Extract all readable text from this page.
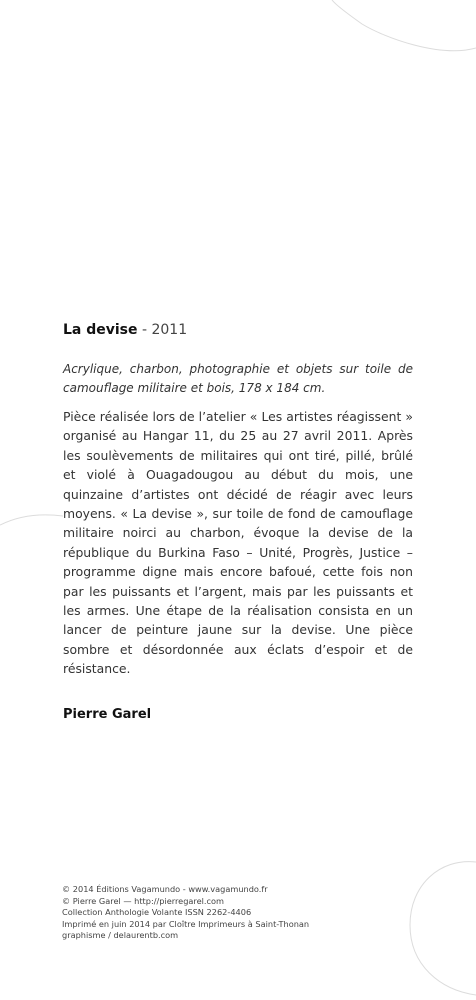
La devise - 2011

Acrylique, charbon, photographie et objets sur toile de camouflage militaire et bois, 178 x 184 cm.

Pièce réalisée lors de l’atelier « Les artistes réagissent » organisé au Hangar 11, du 25 au 27 avril 2011. Après les soulèvements de militaires qui ont tiré, pillé, brûlé et violé à Ouagadougou au début du mois, une quinzaine d’artistes ont décidé de réagir avec leurs moyens. « La devise », sur toile de fond de camouflage militaire noirci au charbon, évoque la devise de la république du Burkina Faso – Unité, Progrès, Justice – programme digne mais encore bafoué, cette fois non par les puissants et l’argent, mais par les puissants et les armes. Une étape de la réalisation consista en un lancer de peinture jaune sur la devise. Une pièce sombre et désordonnée aux éclats d’espoir et de résistance.

Pierre Garel

© 2014 Éditions Vagamundo - www.vagamundo.fr
© Pierre Garel — http://pierregarel.com
Collection Anthologie Volante ISSN 2262-4406
Imprimé en juin 2014 par Cloître Imprimeurs à Saint-Thonan
graphisme / delaurentb.com
